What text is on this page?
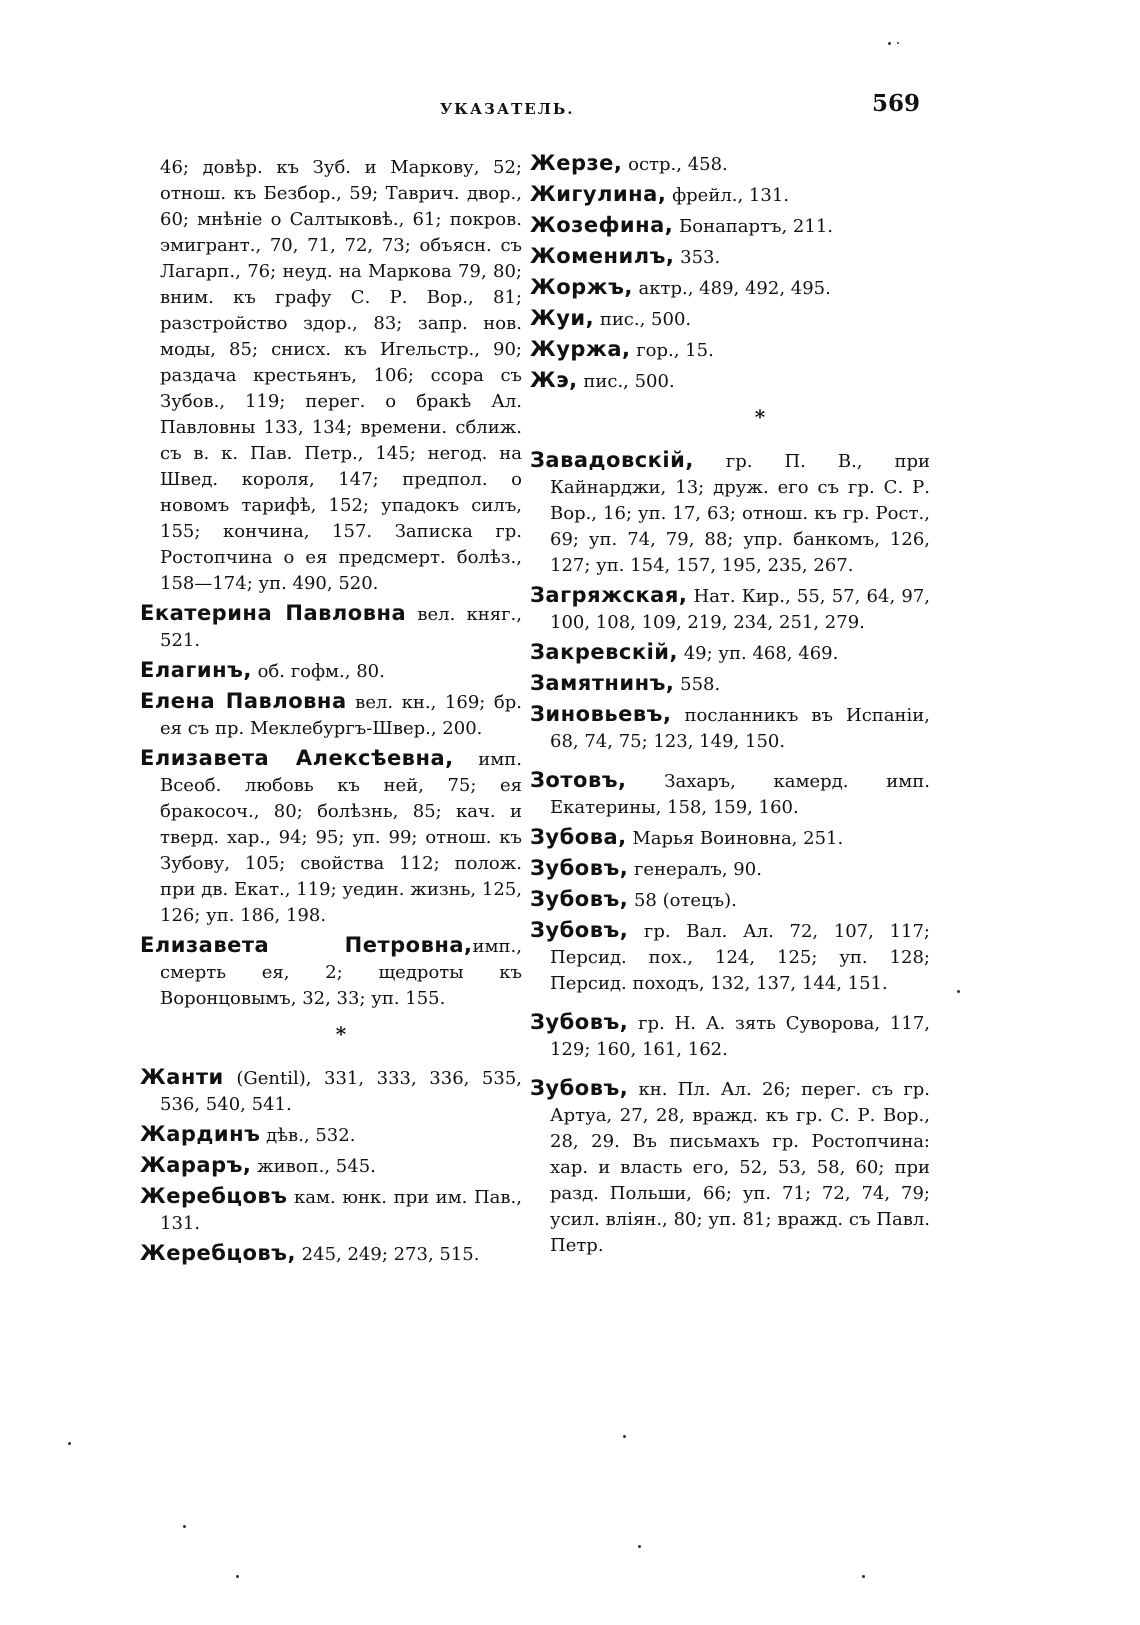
УКАЗАТЕЛЬ.	569

46; довѣр. къ Зуб. и Маркову, 52; отнош. къ Безбор., 59; Таврич. двор., 60; мнѣніе о Салтыковѣ., 61; покров. эмигрант., 70, 71, 72, 73; объясн. съ Лагарп., 76; неуд. на Маркова 79, 80; вним. къ графу С. Р. Вор., 81; разстройство здор., 83; запр. нов. моды, 85; снисх. къ Игельстр., 90; раздача крестьянъ, 106; ссора съ Зубов., 119; перег. о бракѣ Ал. Павловны 133, 134; времени. сближ. съ в. к. Пав. Петр., 145; негод. на Швед. короля, 147; предпол. о новомъ тарифѣ, 152; упадокъ силъ, 155; кончина, 157. Записка гр. Ростопчина о ея предсмерт. болѣз., 158—174; уп. 490, 520.

Екатерина Павловна вел. княг., 521.

Елагинъ, об. гофм., 80.

Елена Павловна вел. кн., 169; бр. ея съ пр. Меклебургъ-Швер., 200.

Елизавета Алексѣевна, имп. Всеоб. любовь къ ней, 75; ея бракосоч., 80; болѣзнь, 85; кач. и тверд. хар., 94; 95; уп. 99; отнош. къ Зубову, 105; свойства 112; полож. при дв. Екат., 119; уедин. жизнь, 125, 126; уп. 186, 198.

Елизавета Петровна,имп., смерть ея, 2; щедроты къ Воронцовымъ, 32, 33; уп. 155.

*

Жанти (Gentil), 331, 333, 336, 535, 536, 540, 541.

Жардинъ дѣв., 532.

Жараръ, живоп., 545.

Жеребцовъ кам. юнк. при им. Пав., 131.

Жеребцовъ, 245, 249; 273, 515.

Жерзе, остр., 458.

Жигулина, фрейл., 131.

Жозефина, Бонапартъ, 211.

Жоменилъ, 353.

Жоржъ, актр., 489, 492, 495.

Жуи, пис., 500.

Журжа, гор., 15.

Жэ, пис., 500.

*

Завадовскій, гр. П. В., при Кайнарджи, 13; друж. его съ гр. С. Р. Вор., 16; уп. 17, 63; отнош. къ гр. Рост., 69; уп. 74, 79, 88; упр. банкомъ, 126, 127; уп. 154, 157, 195, 235, 267.

Загряжская, Нат. Кир., 55, 57, 64, 97, 100, 108, 109, 219, 234, 251, 279.

Закревскій, 49; уп. 468, 469.

Замятнинъ, 558.

Зиновьевъ, посланникъ въ Испаніи, 68, 74, 75; 123, 149, 150.

Зотовъ, Захаръ, камерд. имп. Екатерины, 158, 159, 160.

Зубова, Марья Воиновна, 251.

Зубовъ, генералъ, 90.

Зубовъ, 58 (отецъ).

Зубовъ, гр. Вал. Ал. 72, 107, 117; Персид. пох., 124, 125; уп. 128; Персид. походъ, 132, 137, 144, 151.

Зубовъ, гр. Н. А. зять Суворова, 117, 129; 160, 161, 162.

Зубовъ, кн. Пл. Ал. 26; перег. съ гр. Артуа, 27, 28, вражд. къ гр. С. Р. Вор., 28, 29. Въ письмахъ гр. Ростопчина: хар. и власть его, 52, 53, 58, 60; при разд. Польши, 66; уп. 71; 72, 74, 79; усил. вліян., 80; уп. 81; вражд. съ Павл. Петр.
